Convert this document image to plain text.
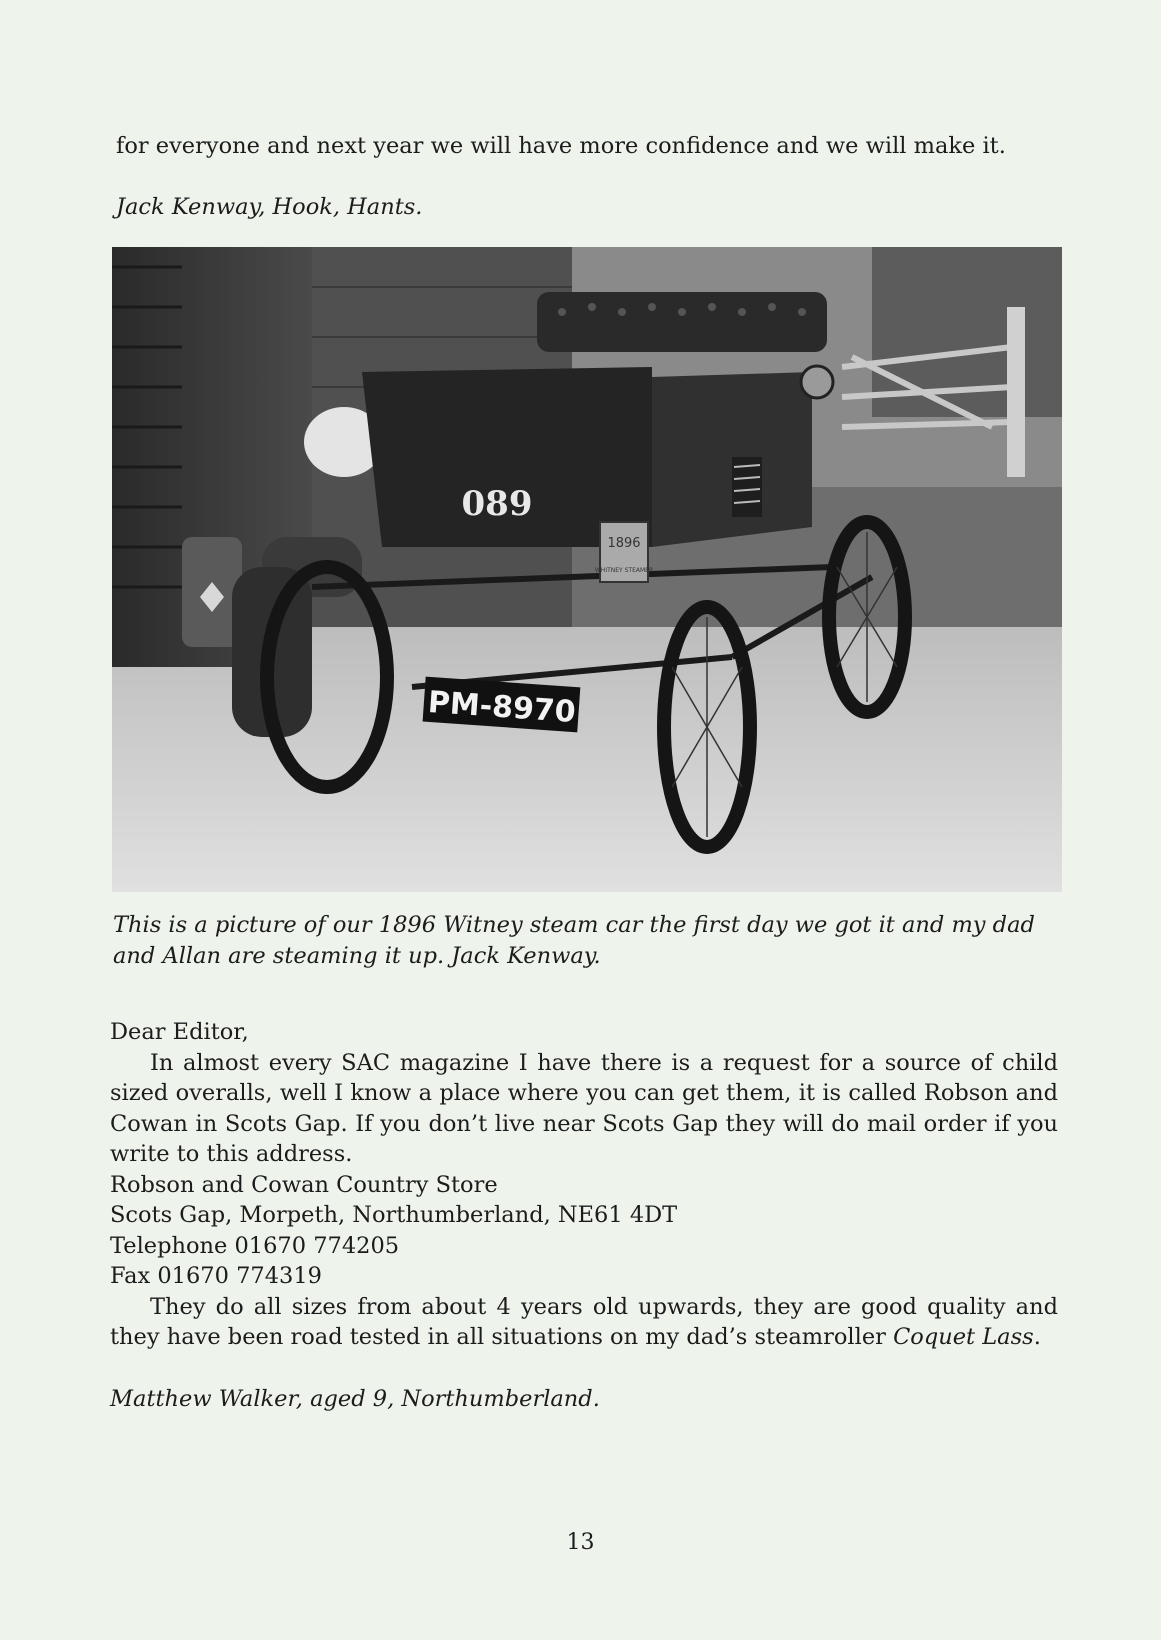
for everyone and next year we will have more confidence and we will make it.

Jack Kenway, Hook, Hants.

1896
WHITNEY STEAMER
089
PM-8970

This is a picture of our 1896 Witney steam car the first day we got it and my dad and Allan are steaming it up. Jack Kenway.

Dear Editor,

In almost every SAC magazine I have there is a request for a source of child sized overalls, well I know a place where you can get them, it is called Robson and Cowan in Scots Gap. If you don’t live near Scots Gap they will do mail order if you write to this address.

Robson and Cowan Country Store

Scots Gap, Morpeth, Northumberland, NE61 4DT

Telephone 01670 774205

Fax 01670 774319

They do all sizes from about 4 years old upwards, they are good quality and they have been road tested in all situations on my dad’s steamroller Coquet Lass.

Matthew Walker, aged 9, Northumberland.

13
